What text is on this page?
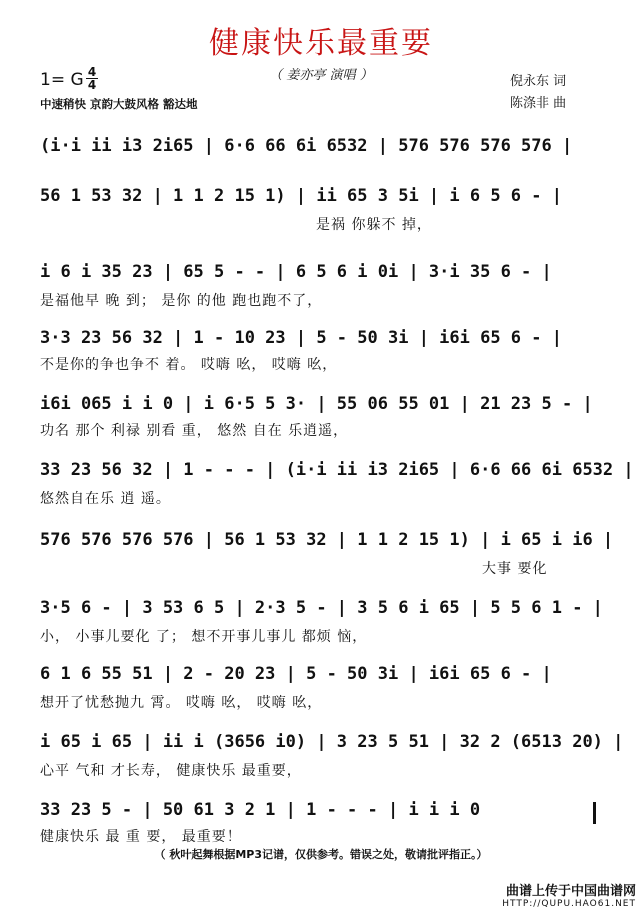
健康快乐最重要
（ 姜亦亭 演唱 ）
1= G 4
4
中速稍快 京韵大鼓风格 豁达地
倪永东 词
陈涤非 曲
(i·i ii i3 2i65 | 6·6 66 6i 6532 | 576 576 576 576 |
56 1 53 32 | 1 1 2 15 1) | ii 65 3 5i | i 6 5 6 - |
是祸 你躲不 掉，
i 6 i 35 23 | 65 5 - - | 6 5 6 i 0i | 3·i 35 6 - |
是福他早 晚 到； 是你 的他 跑也跑不了，
3·3 23 56 32 | 1 - 10 23 | 5 - 50 3i | i6i 65 6 - |
不是你的争也争不 着。 哎嗨 吆， 哎嗨 吆，
i6i 065 i i 0 | i 6·5 5 3· | 55 06 55 01 | 21 23 5 - |
功名 那个 利禄 别看 重， 悠然 自在 乐逍遥，
33 23 56 32 | 1 - - - | (i·i ii i3 2i65 | 6·6 66 6i 6532 |
悠然自在乐 逍 遥。
576 576 576 576 | 56 1 53 32 | 1 1 2 15 1) | i 65 i i6 |
大事 要化
3·5 6 - | 3 53 6 5 | 2·3 5 - | 3 5 6 i 65 | 5 5 6 1 - |
小， 小事儿要化 了； 想不开事儿事儿 都烦 恼，
6 1 6 55 51 | 2 - 20 23 | 5 - 50 3i | i6i 65 6 - |
想开了忧愁抛九 霄。 哎嗨 吆， 哎嗨 吆，
i 65 i 65 | ii i (3656 i0) | 3 23 5 51 | 32 2 (6513 20) |
心平 气和 才长寿， 健康快乐 最重要，
33 23 5 - | 50 61 3 2 1 | 1 - - - | i i i 0
健康快乐 最 重 要， 最重要！
（ 秋叶起舞根据MP3记谱，仅供参考。错误之处，敬请批评指正。）
曲谱上传于中国曲谱网
HTTP://QUPU.HAO61.NET
